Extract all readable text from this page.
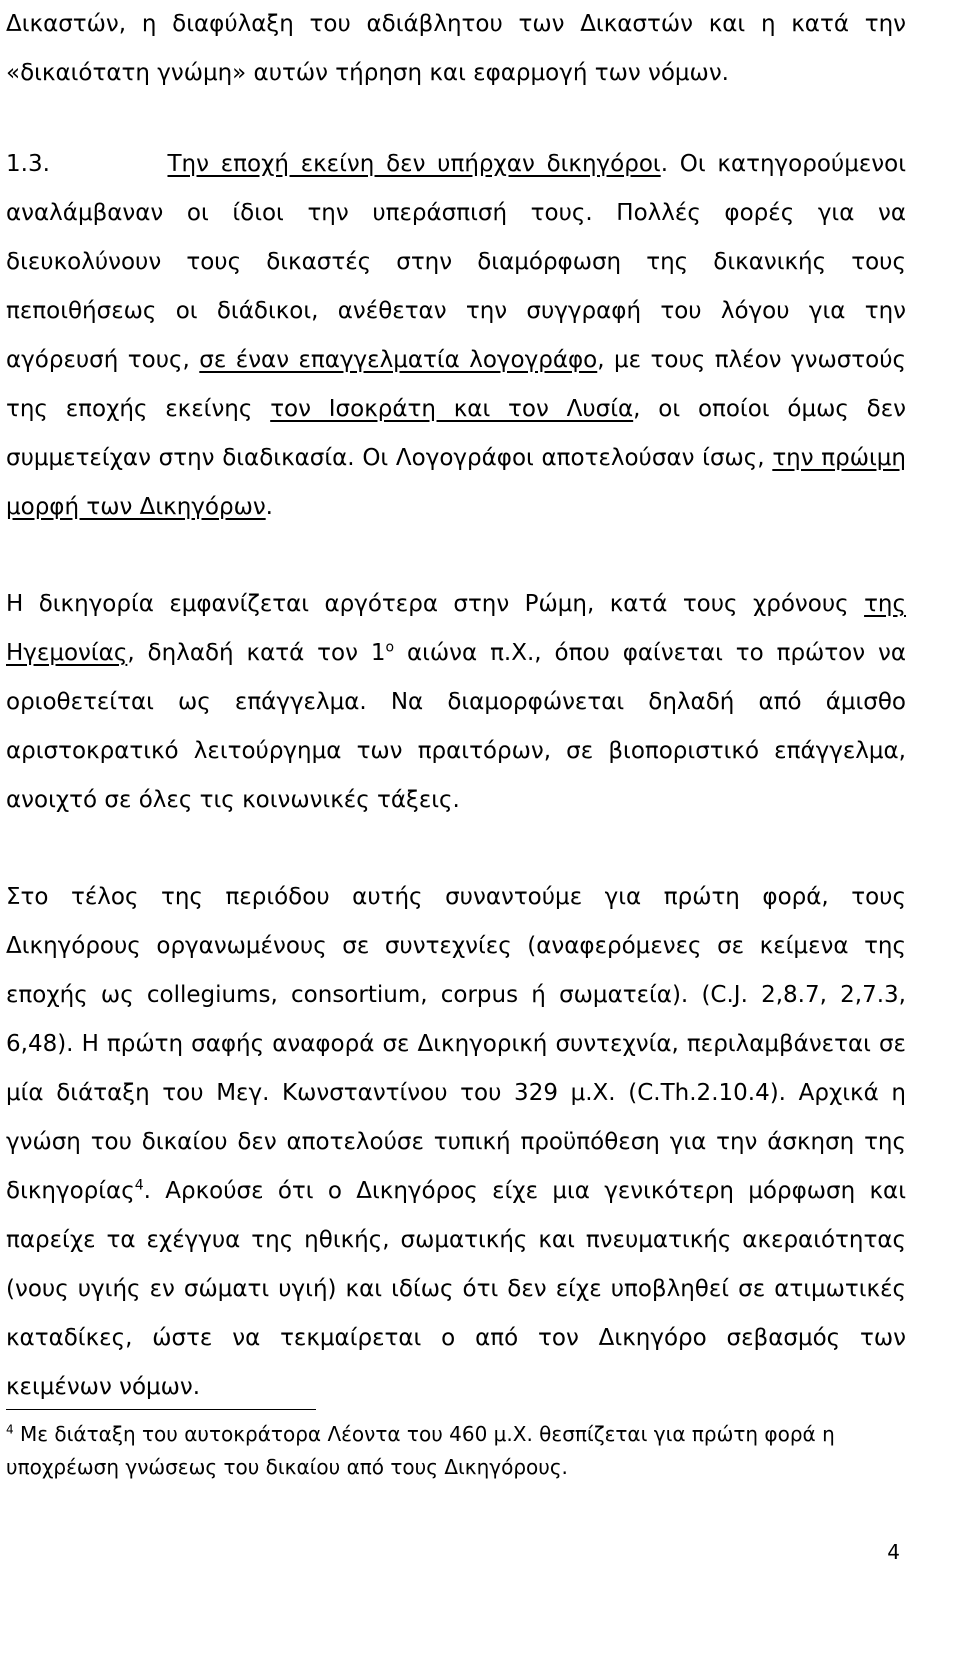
Δικαστών, η διαφύλαξη του αδιάβλητου των Δικαστών και η κατά την «δικαιότατη γνώμη» αυτών τήρηση και εφαρμογή των νόμων.

1.3.	Την εποχή εκείνη δεν υπήρχαν δικηγόροι. Οι κατηγορούμενοι αναλάμβαναν οι ίδιοι την υπεράσπισή τους. Πολλές φορές για να διευκολύνουν τους δικαστές στην διαμόρφωση της δικανικής τους πεποιθήσεως οι διάδικοι, ανέθεταν την συγγραφή του λόγου για την αγόρευσή τους, σε έναν επαγγελματία λογογράφο, με τους πλέον γνωστούς της εποχής εκείνης τον Ισοκράτη και τον Λυσία, οι οποίοι όμως δεν συμμετείχαν στην διαδικασία. Οι Λογογράφοι αποτελούσαν ίσως, την πρώιμη μορφή των Δικηγόρων.

Η δικηγορία εμφανίζεται αργότερα στην Ρώμη, κατά τους χρόνους της Ηγεμονίας, δηλαδή κατά τον $1^o$ αιώνα π.Χ., όπου φαίνεται το πρώτον να οριοθετείται ως επάγγελμα. Να διαμορφώνεται δηλαδή από άμισθο αριστοκρατικό λειτούργημα των πραιτόρων, σε βιοποριστικό επάγγελμα, ανοιχτό σε όλες τις κοινωνικές τάξεις.

Στο τέλος της περιόδου αυτής συναντούμε για πρώτη φορά, τους Δικηγόρους οργανωμένους σε συντεχνίες (αναφερόμενες σε κείμενα της εποχής ως collegiums, consortium, corpus ή σωματεία). (C.J. 2,8.7, 2,7.3, 6,48). Η πρώτη σαφής αναφορά σε Δικηγορική συντεχνία, περιλαμβάνεται σε μία διάταξη του Μεγ. Κωνσταντίνου του 329 μ.Χ. (C.Th.2.10.4). Αρχικά η γνώση του δικαίου δεν αποτελούσε τυπική προϋπόθεση για την άσκηση της δικηγορίας$^4$. Αρκούσε ότι ο Δικηγόρος είχε μια γενικότερη μόρφωση και παρείχε τα εχέγγυα της ηθικής, σωματικής και πνευματικής ακεραιότητας (νους υγιής εν σώματι υγιή) και ιδίως ότι δεν είχε υποβληθεί σε ατιμωτικές καταδίκες, ώστε να τεκμαίρεται ο από τον Δικηγόρο σεβασμός των κειμένων νόμων.

$^4$ Με διάταξη του αυτοκράτορα Λέοντα του 460 μ.Χ. θεσπίζεται για πρώτη φορά η υποχρέωση γνώσεως του δικαίου από τους Δικηγόρους.
4
